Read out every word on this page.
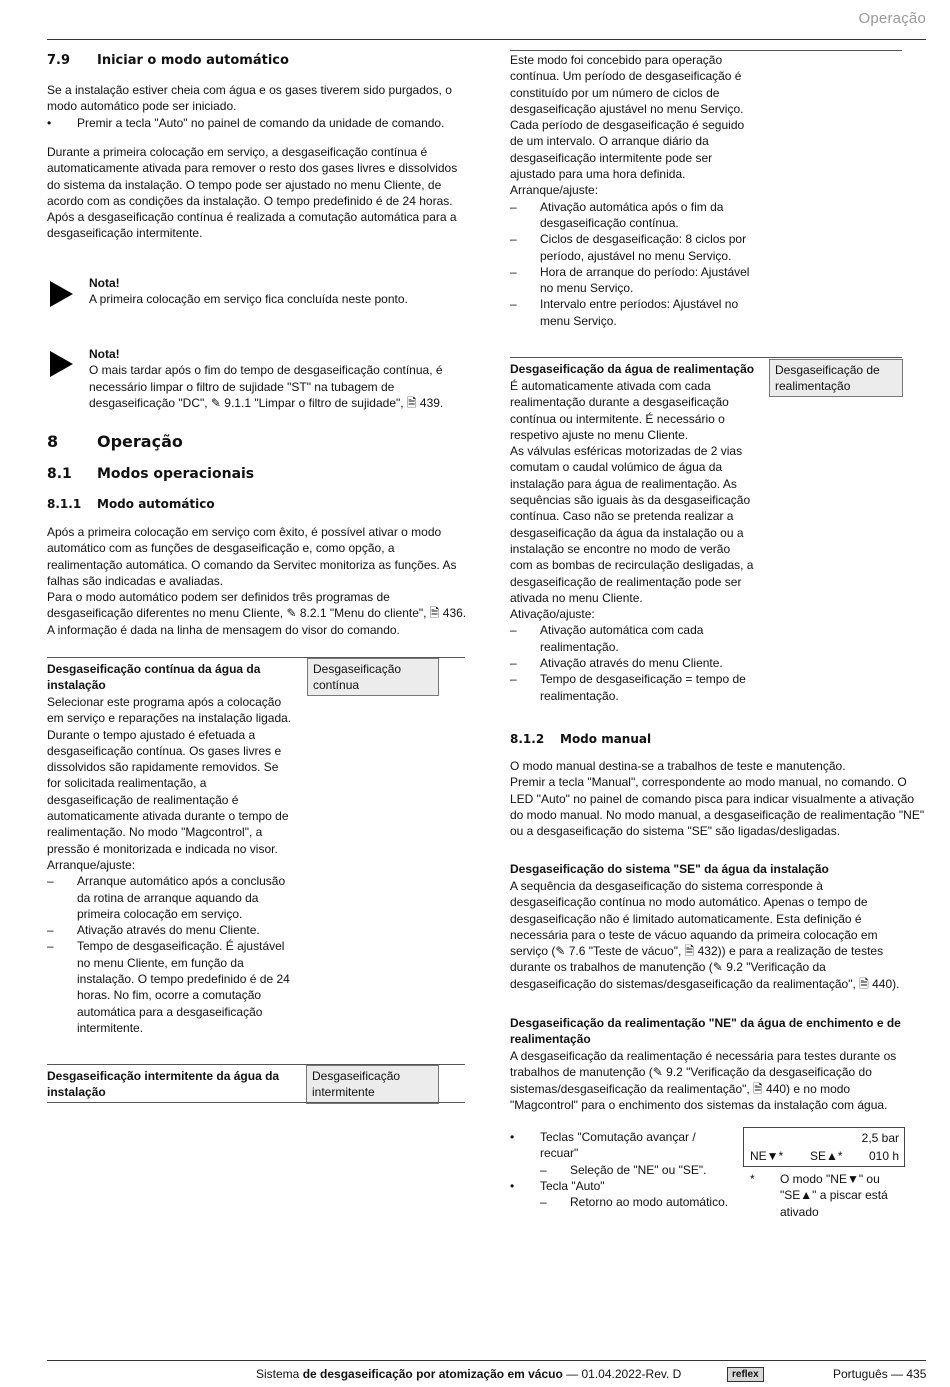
Operação
7.9 Iniciar o modo automático

Se a instalação estiver cheia com água e os gases tiverem sido purgados, o modo automático pode ser iniciado.

• Premir a tecla "Auto" no painel de comando da unidade de comando.

Durante a primeira colocação em serviço, a desgaseificação contínua é automaticamente ativada para remover o resto dos gases livres e dissolvidos do sistema da instalação. O tempo pode ser ajustado no menu Cliente, de acordo com as condições da instalação. O tempo predefinido é de 24 horas. Após a desgaseificação contínua é realizada a comutação automática para a desgaseificação intermitente.

Nota!

A primeira colocação em serviço fica concluída neste ponto.

Nota!

O mais tardar após o fim do tempo de desgaseificação contínua, é necessário limpar o filtro de sujidade "ST" na tubagem de desgaseificação "DC", ✎ 9.1.1 "Limpar o filtro de sujidade", 🗎 439.

8 Operação
8.1 Modos operacionais
8.1.1 Modo automático

Após a primeira colocação em serviço com êxito, é possível ativar o modo automático com as funções de desgaseificação e, como opção, a realimentação automática. O comando da Servitec monitoriza as funções. As falhas são indicadas e avaliadas.

Para o modo automático podem ser definidos três programas de desgaseificação diferentes no menu Cliente, ✎ 8.2.1 "Menu do cliente", 🗎 436.

A informação é dada na linha de mensagem do visor do comando.

Desgaseificação contínua da água da instalação

Desgaseificação contínua

Selecionar este programa após a colocação em serviço e reparações na instalação ligada. Durante o tempo ajustado é efetuada a desgaseificação contínua. Os gases livres e dissolvidos são rapidamente removidos. Se for solicitada realimentação, a desgaseificação de realimentação é automaticamente ativada durante o tempo de realimentação. No modo "Magcontrol", a pressão é monitorizada e indicada no visor.

Arranque/ajuste:

– Arranque automático após a conclusão da rotina de arranque aquando da primeira colocação em serviço.
– Ativação através do menu Cliente.
– Tempo de desgaseificação. É ajustável no menu Cliente, em função da instalação. O tempo predefinido é de 24 horas. No fim, ocorre a comutação automática para a desgaseificação intermitente.

Desgaseificação intermitente da água da instalação

Desgaseificação intermitente

Este modo foi concebido para operação contínua. Um período de desgaseificação é constituído por um número de ciclos de desgaseificação ajustável no menu Serviço. Cada período de desgaseificação é seguido de um intervalo. O arranque diário da desgaseificação intermitente pode ser ajustado para uma hora definida.

Arranque/ajuste:

– Ativação automática após o fim da desgaseificação contínua.
– Ciclos de desgaseificação: 8 ciclos por período, ajustável no menu Serviço.
– Hora de arranque do período: Ajustável no menu Serviço.
– Intervalo entre períodos: Ajustável no menu Serviço.

Desgaseificação da água de realimentação	Desgaseificação de realimentação

É automaticamente ativada com cada realimentação durante a desgaseificação contínua ou intermitente. É necessário o respetivo ajuste no menu Cliente.

As válvulas esféricas motorizadas de 2 vias comutam o caudal volúmico de água da instalação para água de realimentação. As sequências são iguais às da desgaseificação contínua. Caso não se pretenda realizar a desgaseificação da água da instalação ou a instalação se encontre no modo de verão com as bombas de recirculação desligadas, a desgaseificação de realimentação pode ser ativada no menu Cliente.

Ativação/ajuste:

– Ativação automática com cada realimentação.
– Ativação através do menu Cliente.
– Tempo de desgaseificação = tempo de realimentação.
8.1.2 Modo manual

O modo manual destina-se a trabalhos de teste e manutenção.

Premir a tecla "Manual", correspondente ao modo manual, no comando. O LED "Auto" no painel de comando pisca para indicar visualmente a ativação do modo manual. No modo manual, a desgaseificação de realimentação "NE" ou a desgaseificação do sistema "SE" são ligadas/desligadas.

Desgaseificação do sistema "SE" da água da instalação

A sequência da desgaseificação do sistema corresponde à desgaseificação contínua no modo automático. Apenas o tempo de desgaseificação não é limitado automaticamente. Esta definição é necessária para o teste de vácuo aquando da primeira colocação em serviço (✎ 7.6 "Teste de vácuo", 🗎 432)) e para a realização de testes durante os trabalhos de manutenção (✎ 9.2 "Verificação da desgaseificação do sistemas/desgaseificação da realimentação", 🗎 440).

Desgaseificação da realimentação "NE" da água de enchimento e de realimentação

A desgaseificação da realimentação é necessária para testes durante os trabalhos de manutenção (✎ 9.2 "Verificação da desgaseificação do sistemas/desgaseificação da realimentação", 🗎 440) e no modo "Magcontrol" para o enchimento dos sistemas da instalação com água.

• Teclas "Comutação avançar / recuar"
– Seleção de "NE" ou "SE".
• Tecla "Auto"
– Retorno ao modo automático.
2,5 bar
NE▼* SE▲* 010 h
* O modo "NE▼" ou "SE▲" a piscar está ativado

Sistema de desgaseificação por atomização em vácuo — 01.04.2022-Rev. D	reflex	Português — 435
